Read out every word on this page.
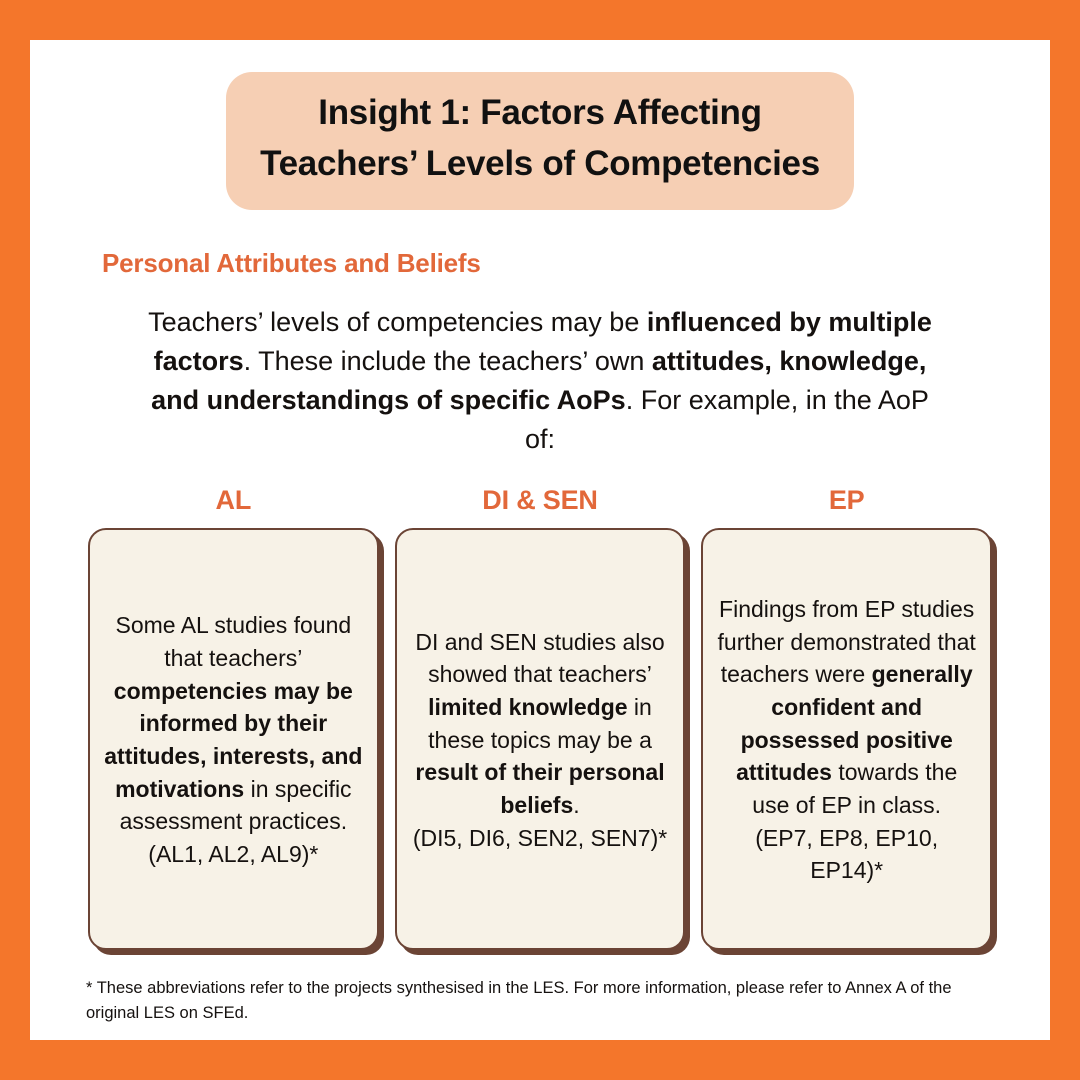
Insight 1: Factors Affecting
Teachers’ Levels of Competencies
Personal Attributes and Beliefs
Teachers’ levels of competencies may be influenced by multiple factors. These include the teachers’ own attitudes, knowledge, and understandings of specific AoPs. For example, in the AoP of:
AL	DI & SEN	EP
Some AL studies found that teachers’ competencies may be informed by their attitudes, interests, and motivations in specific assessment practices.
(AL1, AL2, AL9)*
DI and SEN studies also showed that teachers’ limited knowledge in these topics may be a result of their personal beliefs.
(DI5, DI6, SEN2, SEN7)*
Findings from EP studies further demonstrated that teachers were generally confident and possessed positive attitudes towards the use of EP in class.
(EP7, EP8, EP10, EP14)*
* These abbreviations refer to the projects synthesised in the LES. For more information, please refer to Annex A of the original LES on SFEd.
